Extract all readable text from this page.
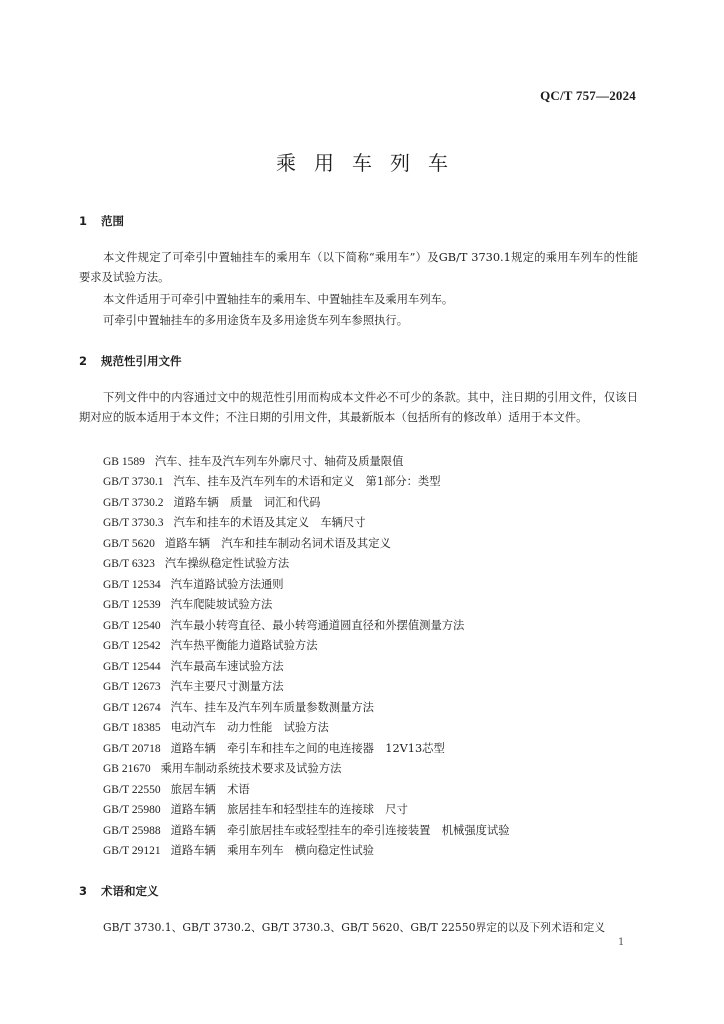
QC/T 757—2024
乘用车列车
1 范围
本文件规定了可牵引中置轴挂车的乘用车（以下简称“乘用车”）及GB/T 3730.1规定的乘用车列车的性能要求及试验方法。
本文件适用于可牵引中置轴挂车的乘用车、中置轴挂车及乘用车列车。
可牵引中置轴挂车的多用途货车及多用途货车列车参照执行。
2 规范性引用文件
下列文件中的内容通过文中的规范性引用而构成本文件必不可少的条款。其中，注日期的引用文件，仅该日期对应的版本适用于本文件；不注日期的引用文件，其最新版本（包括所有的修改单）适用于本文件。
GB 1589 汽车、挂车及汽车列车外廓尺寸、轴荷及质量限值
GB/T 3730.1 汽车、挂车及汽车列车的术语和定义　第1部分：类型
GB/T 3730.2 道路车辆　质量　词汇和代码
GB/T 3730.3 汽车和挂车的术语及其定义　车辆尺寸
GB/T 5620 道路车辆　汽车和挂车制动名词术语及其定义
GB/T 6323 汽车操纵稳定性试验方法
GB/T 12534 汽车道路试验方法通则
GB/T 12539 汽车爬陡坡试验方法
GB/T 12540 汽车最小转弯直径、最小转弯通道圆直径和外摆值测量方法
GB/T 12542 汽车热平衡能力道路试验方法
GB/T 12544 汽车最高车速试验方法
GB/T 12673 汽车主要尺寸测量方法
GB/T 12674 汽车、挂车及汽车列车质量参数测量方法
GB/T 18385 电动汽车　动力性能　试验方法
GB/T 20718 道路车辆　牵引车和挂车之间的电连接器　12V13芯型
GB 21670 乘用车制动系统技术要求及试验方法
GB/T 22550 旅居车辆　术语
GB/T 25980 道路车辆　旅居挂车和轻型挂车的连接球　尺寸
GB/T 25988 道路车辆　牵引旅居挂车或轻型挂车的牵引连接装置　机械强度试验
GB/T 29121 道路车辆　乘用车列车　横向稳定性试验
3 术语和定义
GB/T 3730.1、GB/T 3730.2、GB/T 3730.3、GB/T 5620、GB/T 22550界定的以及下列术语和定义
1
